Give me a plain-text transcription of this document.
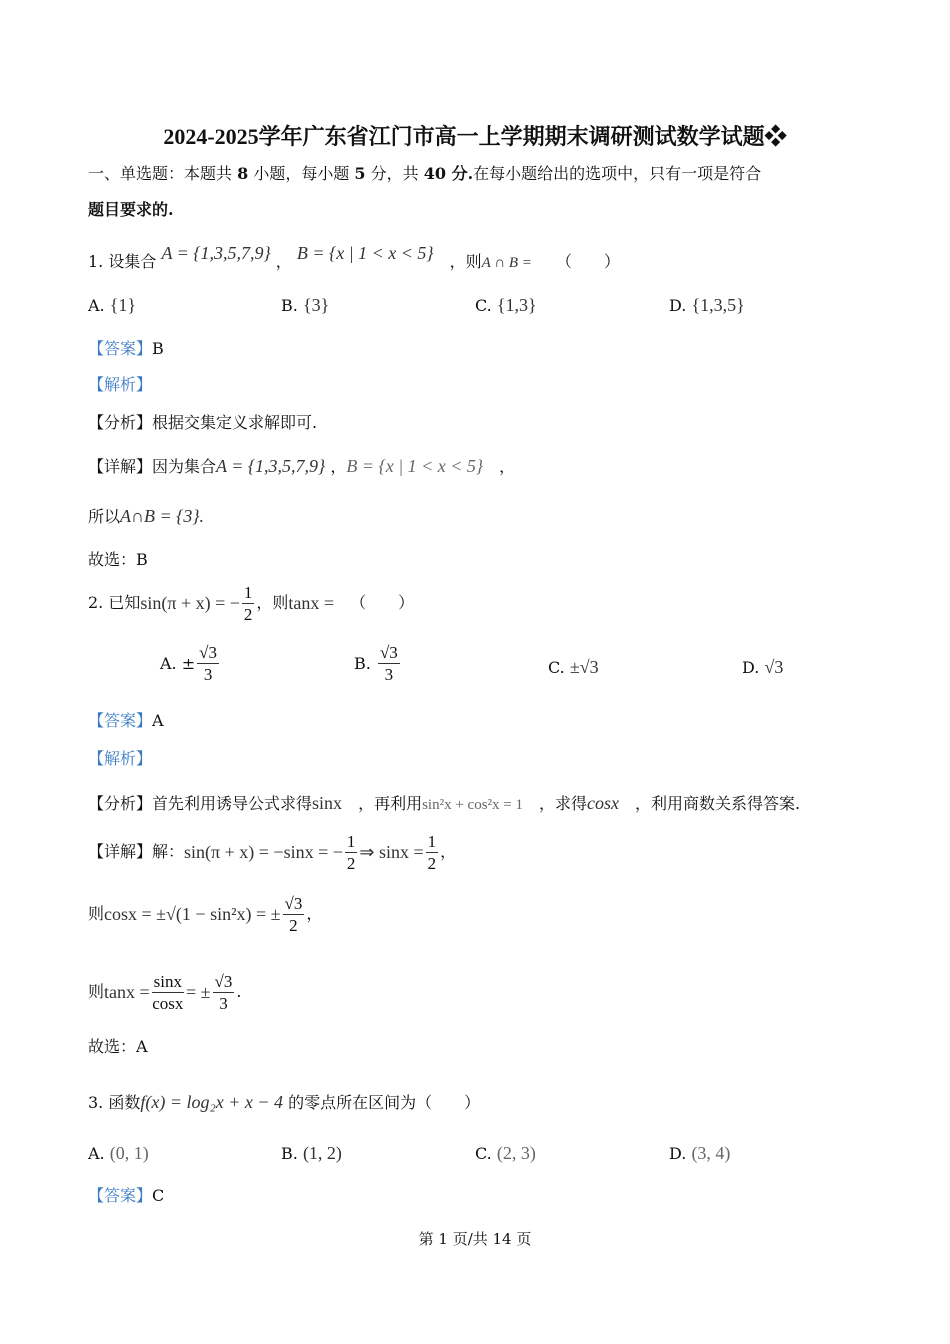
2024-2025学年广东省江门市高一上学期期末调研测试数学试题❖
一、单选题：本题共 8 小题，每小题 5 分，共 40 分.在每小题给出的选项中，只有一项是符合
题目要求的.
1. 设集合 A = {1,3,5,7,9} ， B = {x | 1 < x < 5}　 ，则A ∩ B =　　 （　　）
A. {1}	B. {3}	C. {1,3}	D. {1,3,5}
【答案】B
【解析】
【分析】根据交集定义求解即可.
【详解】因为集合A = {1,3,5,7,9} ，B = {x | 1 < x < 5}　 ，
所以A∩B = {3}.
故选：B
2. 已知 sin(π + x) = − $\frac{1}{2}$ ，则 tanx =
　 （　　）
A.
± $\frac{√3}{3}$	B.
$\frac{√3}{3}$	C. ±√3	D. √3
【答案】A
【解析】
【分析】首先利用诱导公式求得sinx　 ，再利用sin²x + cos²x = 1　 ，求得cosx　 ，利用商数关系得答案.
【详解】 解： sin(π + x) = −sinx = − $\frac{1}{2}$ ⇒ $\sin x = \frac{1}{2}$ ，
则 cosx = ±√(1 − sin²x) = ± $\frac{√3}{2}$ ，
则 $\tan x = \frac{\sin x}{\cos x}$ = ± $\frac{√3}{3}$ .
故选：A
3. 函数f(x) = log₂x + x − 4 的零点所在区间为（　　）
A. (0, 1)	B. (1, 2)	C. (2, 3)	D. (3, 4)
【答案】C
第 1 页/共 14 页
